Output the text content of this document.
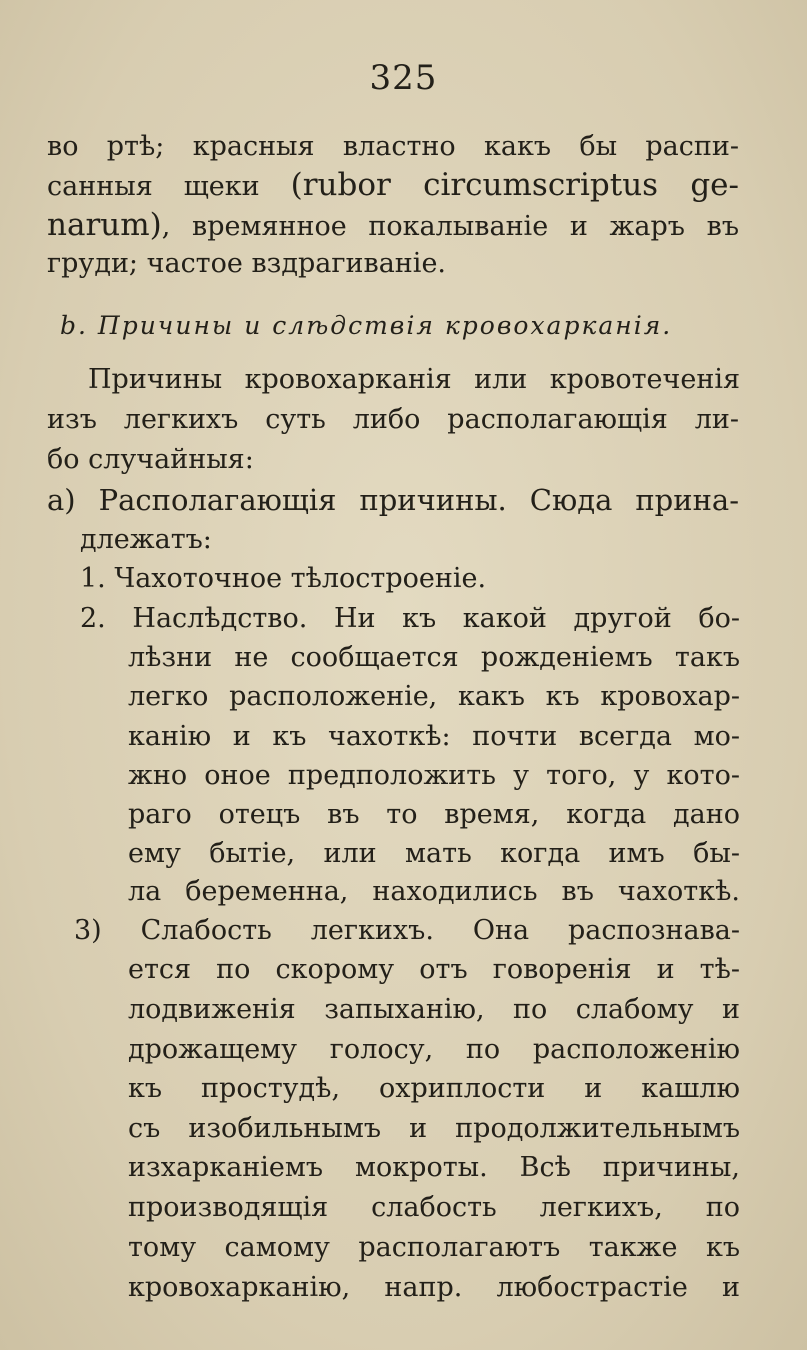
325
во ртѣ; красныя властно какъ бы распи-
санныя щеки (rubor circumscriptus ge-
narum), времянное покалываніе и жаръ въ
груди; частое вздрагиваніе.
b. Причины и слѣдствія кровохарканія.
Причины кровохарканія или кровотеченія
изъ легкихъ суть либо располагающія ли-
бо случайныя:
а) Располагающія причины. Сюда прина-
длежатъ:
1. Чахоточное тѣлостроеніе.
2. Наслѣдство. Ни къ какой другой бо-
лѣзни не сообщается рожденіемъ такъ
легко расположеніе, какъ къ кровохар-
канію и къ чахоткѣ: почти всегда мо-
жно оное предположить у того, у кото-
раго отецъ въ то время, когда дано
ему бытіе, или мать когда имъ бы-
ла беременна, находились въ чахоткѣ.
3) Слабость легкихъ. Она распознава-
ется по скорому отъ говоренія и тѣ-
лодвиженія запыханію, по слабому и
дрожащему голосу, по расположенію
къ простудѣ, охриплости и кашлю
съ изобильнымъ и продолжительнымъ
изхарканіемъ мокроты. Всѣ причины,
производящія слабость легкихъ, по
тому самому располагаютъ также къ
кровохарканію, напр. любострастіе и
